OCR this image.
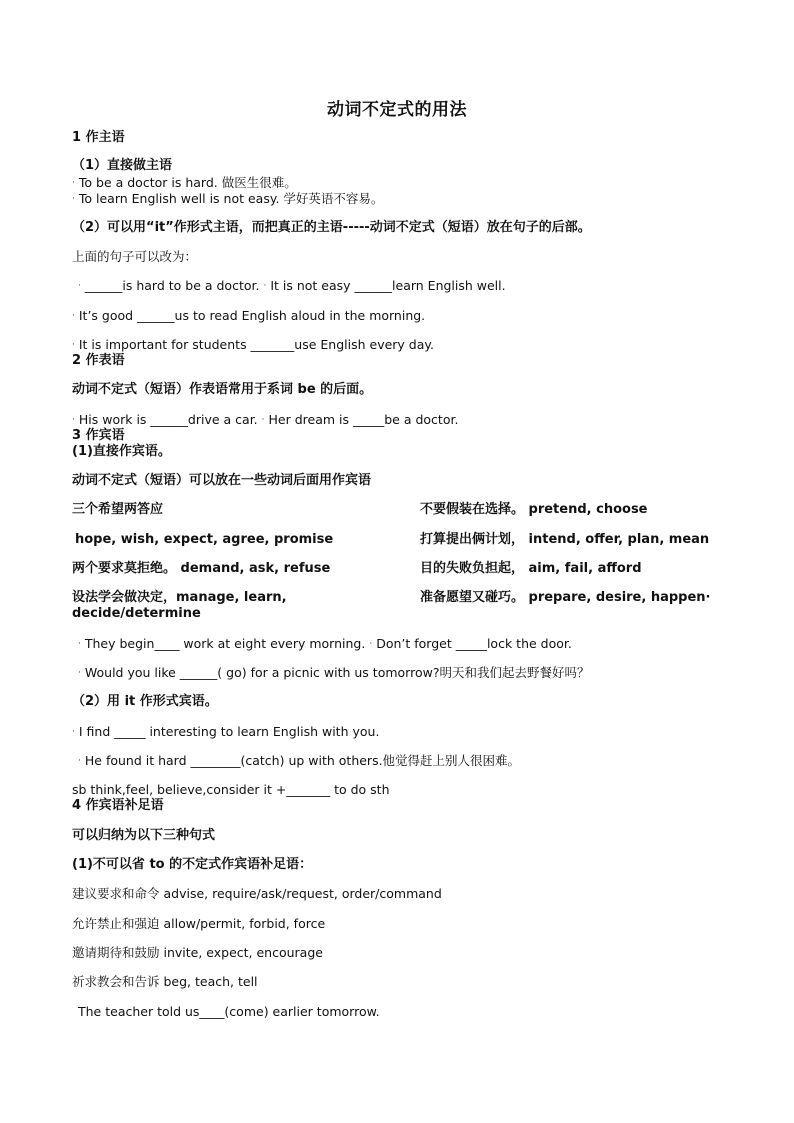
动词不定式的用法
1 作主语
（1）直接做主语
· To be a doctor is hard. 做医生很难。
· To learn English well is not easy. 学好英语不容易。
（2）可以用“it”作形式主语，而把真正的主语-----动词不定式（短语）放在句子的后部。
上面的句子可以改为：
· ______is hard to be a doctor. · It is not easy ______learn English well.
· It’s good ______us to read English aloud in the morning.
· It is important for students _______use English every day.
2 作表语
动词不定式（短语）作表语常用于系词 be 的后面。
· His work is ______drive a car. · Her dream is _____be a doctor.
3 作宾语
(1)直接作宾语。
动词不定式（短语）可以放在一些动词后面用作宾语
三个希望两答应	不要假装在选择。 pretend, choose
hope, wish, expect, agree, promise	打算提出俩计划， intend, offer, plan, mean
两个要求莫拒绝。 demand, ask, refuse	目的失败负担起， aim, fail, afford
设法学会做决定，manage, learn,	准备愿望又碰巧。 prepare, desire, happen·
decide/determine
· They begin____ work at eight every morning. · Don’t forget _____lock the door.
· Would you like ______( go) for a picnic with us tomorrow?明天和我们起去野餐好吗？
（2）用 it 作形式宾语。
· I find _____ interesting to learn English with you.
· He found it hard ________(catch) up with others.他觉得赶上别人很困难。
sb think,feel, believe,consider it +_______ to do sth
4 作宾语补足语
可以归纳为以下三种句式
(1)不可以省 to 的不定式作宾语补足语：
建议要求和命令 advise, require/ask/request, order/command
允许禁止和强迫 allow/permit, forbid, force
邀请期待和鼓励 invite, expect, encourage
祈求教会和告诉 beg, teach, tell
The teacher told us____(come) earlier tomorrow.
